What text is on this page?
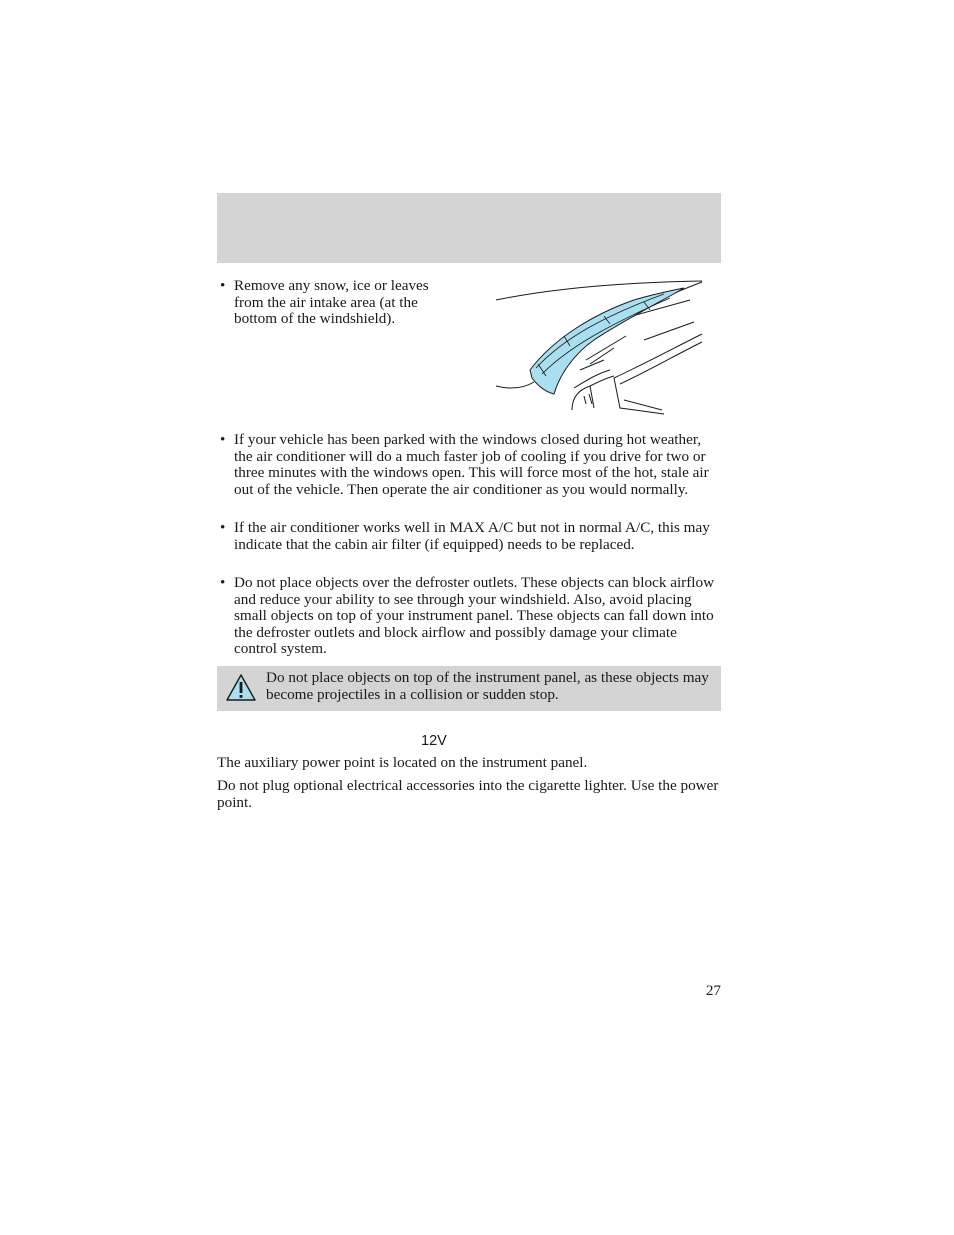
• Remove any snow, ice or leaves from the air intake area (at the bottom of the windshield).
• If your vehicle has been parked with the windows closed during hot weather, the air conditioner will do a much faster job of cooling if you drive for two or three minutes with the windows open. This will force most of the hot, stale air out of the vehicle. Then operate the air conditioner as you would normally.
• If the air conditioner works well in MAX A/C but not in normal A/C, this may indicate that the cabin air filter (if equipped) needs to be replaced.
• Do not place objects over the defroster outlets. These objects can block airflow and reduce your ability to see through your windshield. Also, avoid placing small objects on top of your instrument panel. These objects can fall down into the defroster outlets and block airflow and possibly damage your climate control system.
Do not place objects on top of the instrument panel, as these objects may become projectiles in a collision or sudden stop.
12V
The auxiliary power point is located on the instrument panel.
Do not plug optional electrical accessories into the cigarette lighter. Use the power point.
27
